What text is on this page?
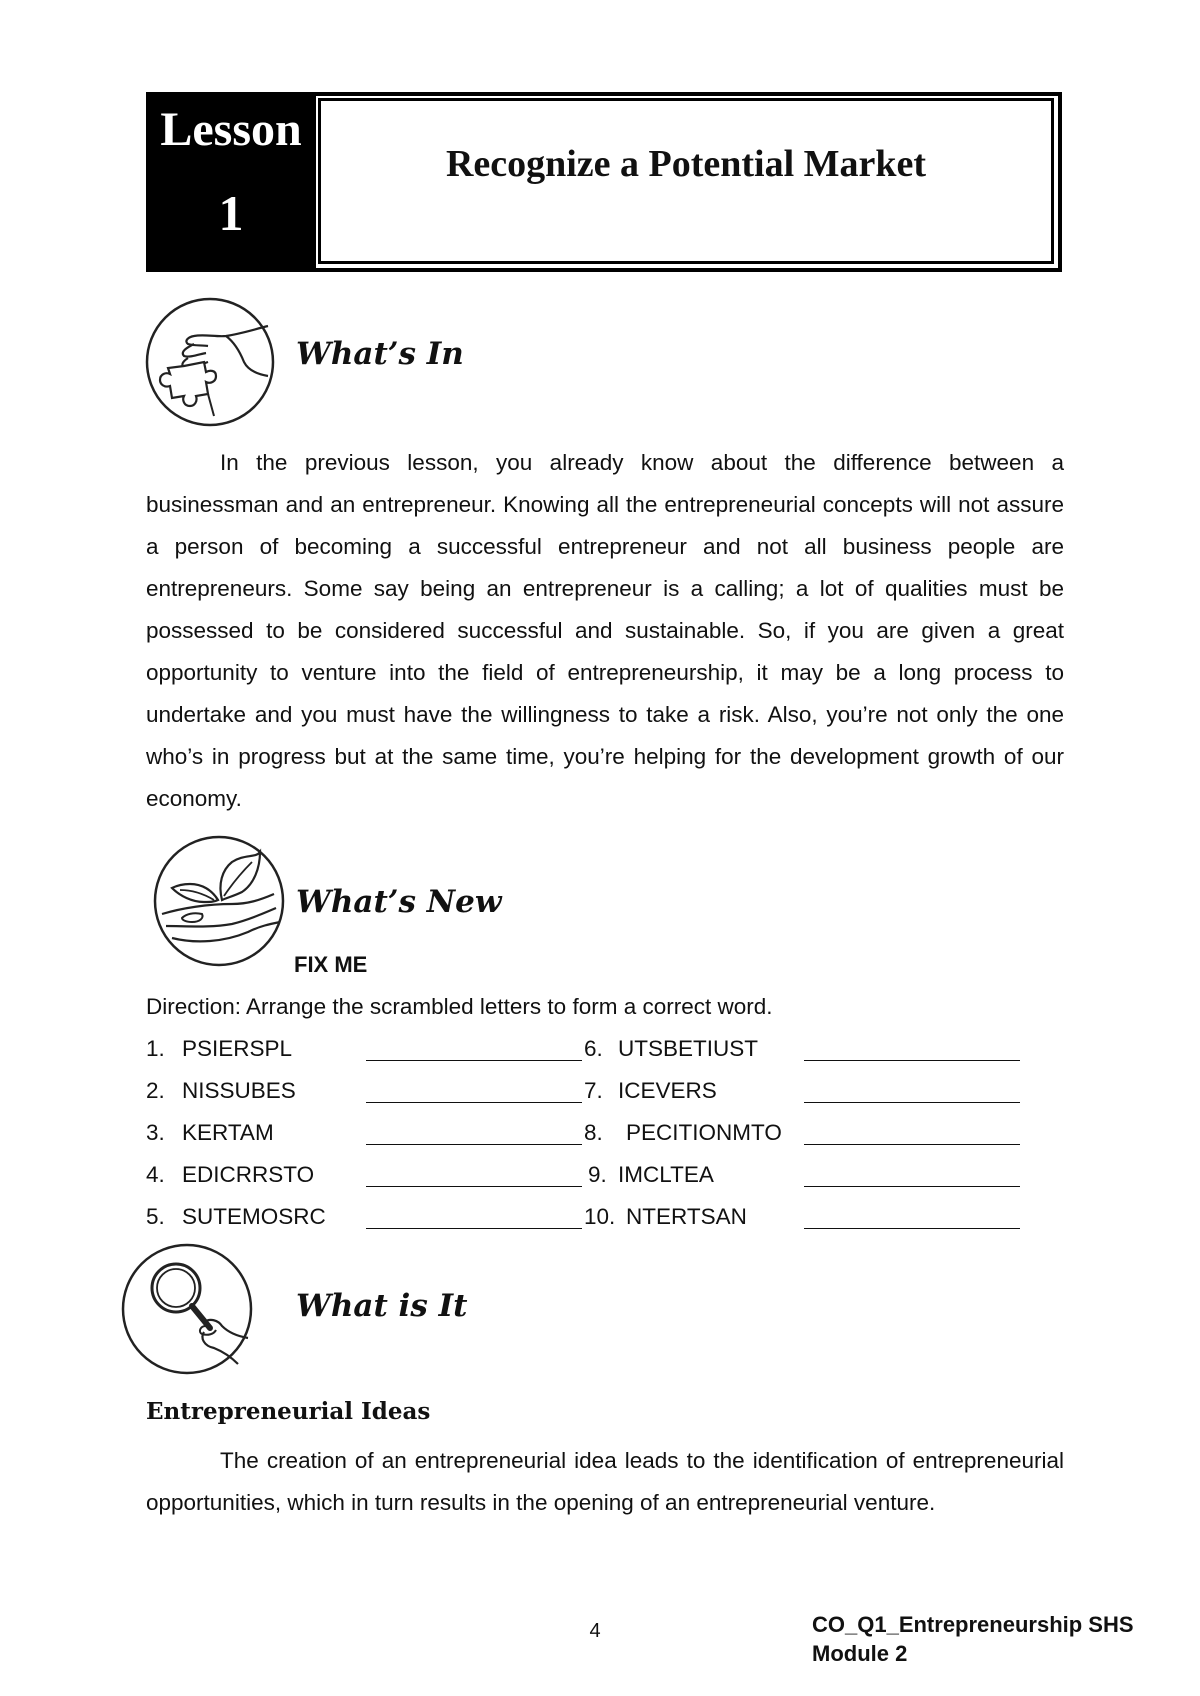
Lesson
1
Recognize a Potential Market
What’s In
In the previous lesson, you already know about the difference between a businessman and an entrepreneur. Knowing all the entrepreneurial concepts will not assure a person of becoming a successful entrepreneur and not all business people are entrepreneurs. Some say being an entrepreneur is a calling; a lot of qualities must be possessed to be considered successful and sustainable. So, if you are given a great opportunity to venture into the field of entrepreneurship, it may be a long process to undertake and you must have the willingness to take a risk. Also, you’re not only the one who’s in progress but at the same time, you’re helping for the development growth of our economy.
What’s New
FIX ME
Direction: Arrange the scrambled letters to form a correct word.
1. PSIERSPL
2. NISSUBES
3. KERTAM
4. EDICRRSTO
5. SUTEMOSRC
6. UTSBETIUST
7. ICEVERS
8. PECITIONMTO
9. IMCLTEA
10. NTERTSAN
What is It
Entrepreneurial Ideas
The creation of an entrepreneurial idea leads to the identification of entrepreneurial opportunities, which in turn results in the opening of an entrepreneurial venture.
4	CO_Q1_Entrepreneurship SHS
Module 2
